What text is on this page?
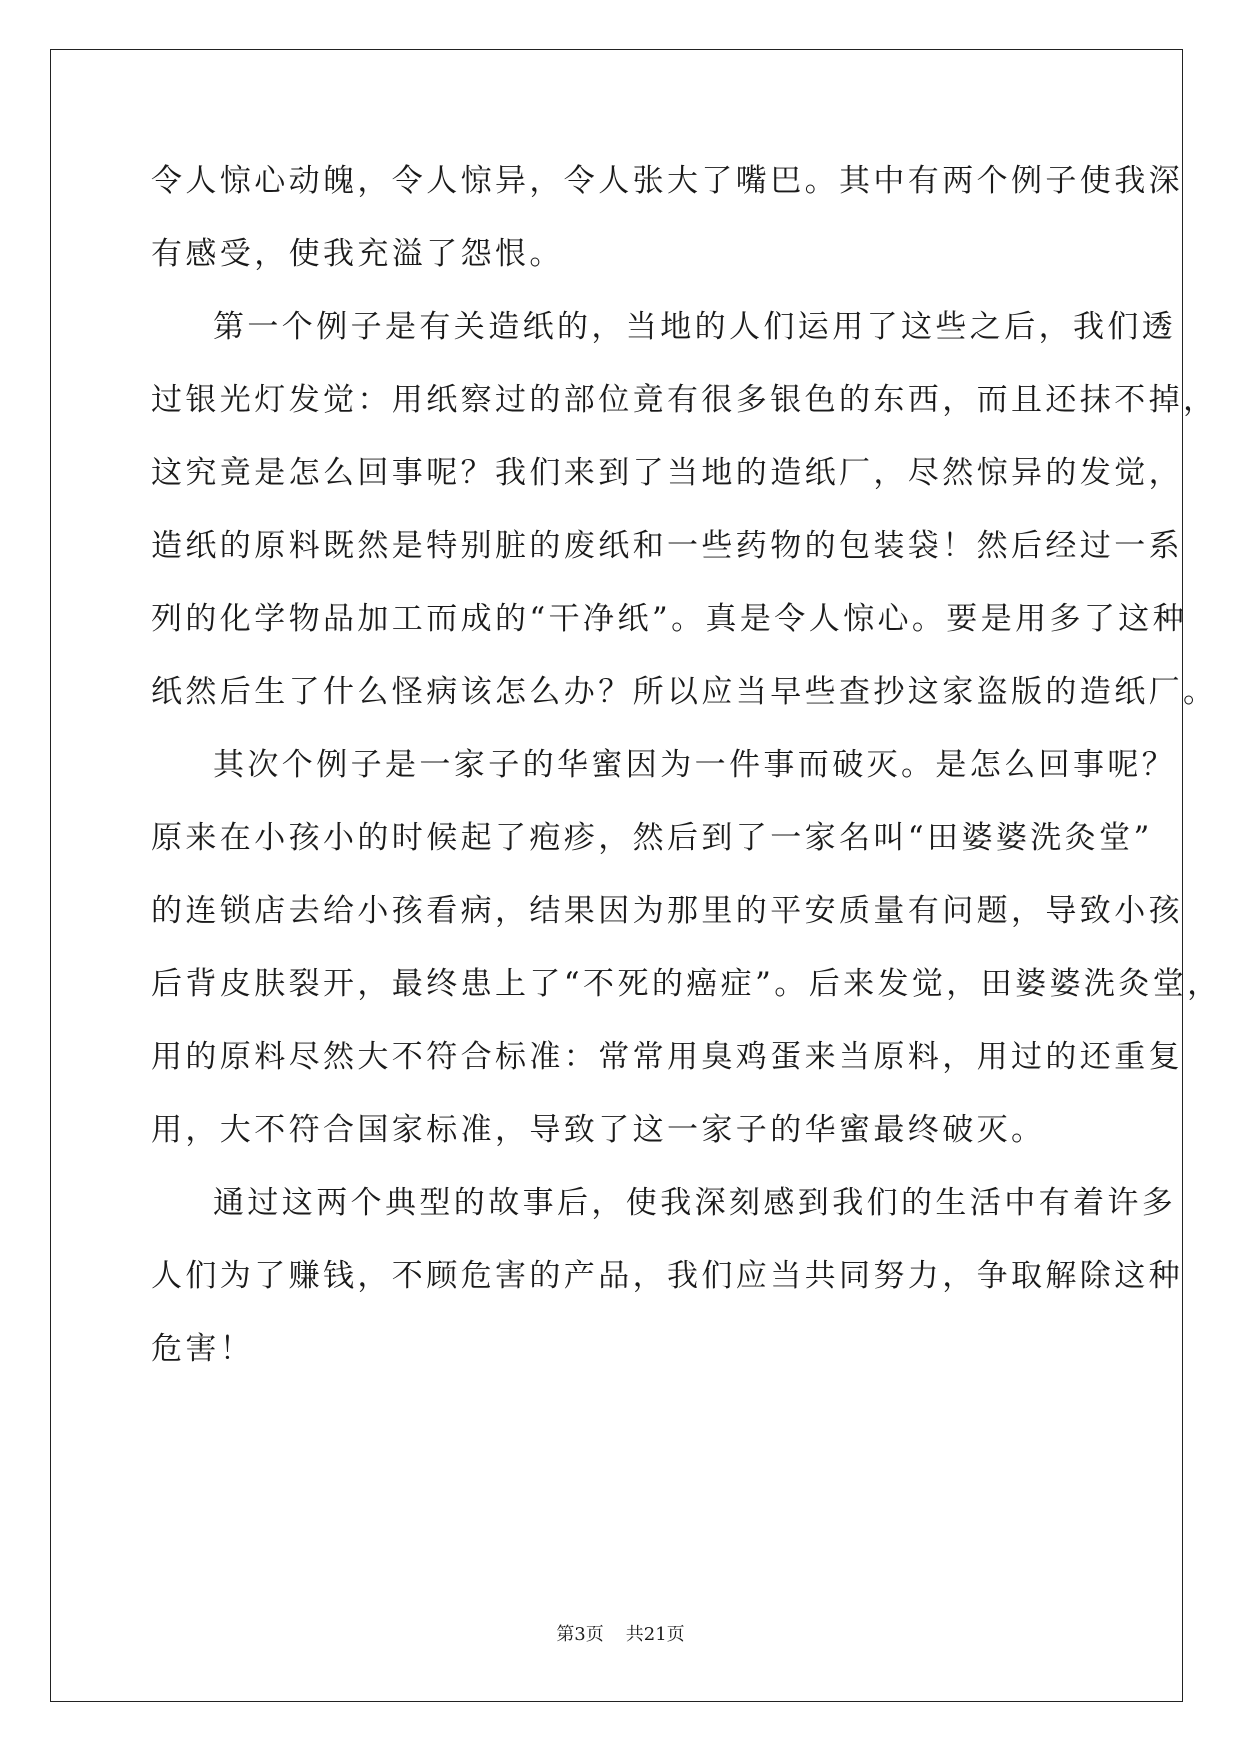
令人惊心动魄，令人惊异，令人张大了嘴巴。其中有两个例子使我深
有感受，使我充溢了怨恨。
第一个例子是有关造纸的，当地的人们运用了这些之后，我们透
过银光灯发觉：用纸察过的部位竟有很多银色的东西，而且还抹不掉，
这究竟是怎么回事呢？我们来到了当地的造纸厂，尽然惊异的发觉，
造纸的原料既然是特别脏的废纸和一些药物的包装袋！然后经过一系
列的化学物品加工而成的“干净纸”。真是令人惊心。要是用多了这种
纸然后生了什么怪病该怎么办？所以应当早些查抄这家盗版的造纸厂。
其次个例子是一家子的华蜜因为一件事而破灭。是怎么回事呢？
原来在小孩小的时候起了疱疹，然后到了一家名叫“田婆婆洗灸堂”
的连锁店去给小孩看病，结果因为那里的平安质量有问题，导致小孩
后背皮肤裂开，最终患上了“不死的癌症”。后来发觉，田婆婆洗灸堂，
用的原料尽然大不符合标准：常常用臭鸡蛋来当原料，用过的还重复
用，大不符合国家标准，导致了这一家子的华蜜最终破灭。
通过这两个典型的故事后，使我深刻感到我们的生活中有着许多
人们为了赚钱，不顾危害的产品，我们应当共同努力，争取解除这种
危害！
第3页 共21页
